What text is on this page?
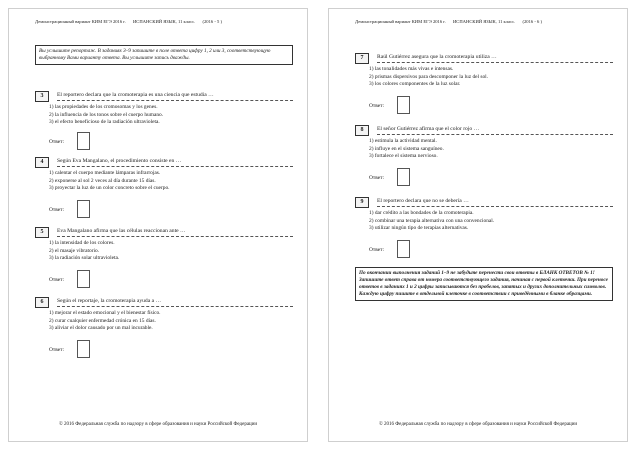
Демонстрационный вариант КИМ ЕГЭ 2016 г. ИСПАНСКИЙ ЯЗЫК, 11 класс. (2016 - 5 )
Вы услышите репортаж. В заданиях 3–9 запишите в поле ответа цифру 1, 2 или 3, соответствующую выбранному Вами варианту ответа. Вы услышите запись дважды.
3	El reportero declara que la cromoterapia es una ciencia que estudia …
1) las propiedades de los cromosomas y los genes.
2) la influencia de los tonos sobre el cuerpo humano.
3) el efecto beneficioso de la radiación ultravioleta.
Ответ:
4	Según Eva Mangalano, el procedimiento consiste en …
1) calentar el cuerpo mediante lámparas infrarrojas.
2) exponerse al sol 2 veces al día durante 15 días.
3) proyectar la luz de un color concreto sobre el cuerpo.
Ответ:
5	Eva Mangalano afirma que las células reaccionan ante …
1) la intensidad de los colores.
2) el masaje vibratorio.
3) la radiación solar ultravioleta.
Ответ:
6	Según el reportaje, la cromoterapia ayuda a …
1) mejorar el estado emocional y el bienestar físico.
2) curar cualquier enfermedad crónica en 15 días.
3) aliviar el dolor causado por un mal incurable.
Ответ:
© 2016 Федеральная служба по надзору в сфере образования и науки Российской Федерации
Демонстрационный вариант КИМ ЕГЭ 2016 г. ИСПАНСКИЙ ЯЗЫК, 11 класс. (2016 - 6 )
7	Raúl Gutiérrez asegura que la cromoterapia utiliza …
1) las tonalidades más vivas e intensas.
2) prismas dispersivos para descomponer la luz del sol.
3) los colores componentes de la luz solar.
Ответ:
8	El señor Gutiérrez afirma que el color rojo …
1) estimula la actividad mental.
2) influye en el sistema sanguíneo.
3) fortalece el sistema nervioso.
Ответ:
9	El reportero declara que no se debería …
1) dar crédito a las bondades de la cromoterapia.
2) combinar una terapia alternativa con una convencional.
3) utilizar ningún tipo de terapias alternativas.
Ответ:
По окончании выполнения заданий 1–9 не забудьте перенести свои ответы в БЛАНК ОТВЕТОВ № 1! Запишите ответ справа от номера соответствующего задания, начиная с первой клеточки. При переносе ответов в заданиях 1 и 2 цифры записываются без пробелов, запятых и других дополнительных символов. Каждую цифру пишите в отдельной клеточке в соответствии с приведёнными в бланке образцами.
© 2016 Федеральная служба по надзору в сфере образования и науки Российской Федерации
